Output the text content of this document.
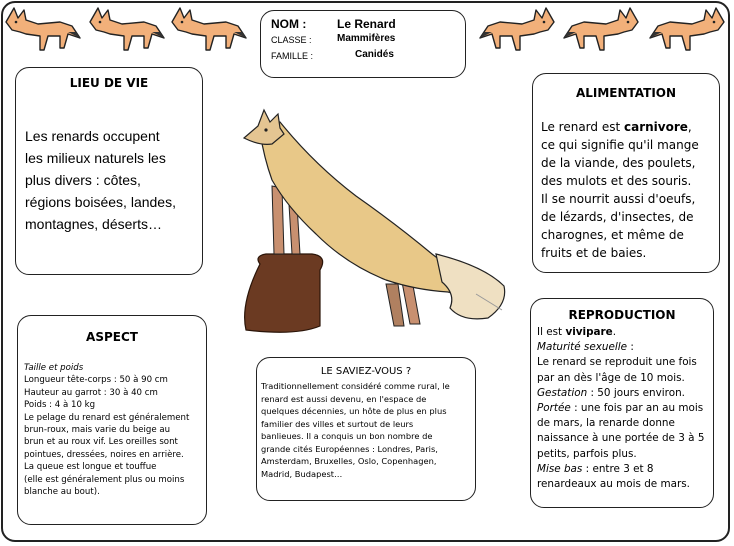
NOM :	Le Renard
CLASSE :	Mammifères
FAMILLE :	Canidés
LIEU DE VIE
Les renards occupent
les milieux naturels les
plus divers : côtes,
régions boisées, landes,
montagnes, déserts…
ALIMENTATION
Le renard est carnivore,
ce qui signifie qu'il mange
de la viande, des poulets,
des mulots et des souris.
Il se nourrit aussi d'oeufs,
de lézards, d'insectes, de
charognes, et même de
fruits et de baies.
ASPECT
Taille et poids
Longueur tête-corps : 50 à 90 cm
Hauteur au garrot : 30 à 40 cm
Poids : 4 à 10 kg
Le pelage du renard est généralement
brun-roux, mais varie du beige au
brun et au roux vif. Les oreilles sont
pointues, dressées, noires en arrière.
La queue est longue et touffue
(elle est généralement plus ou moins
blanche au bout).
LE SAVIEZ-VOUS ?
Traditionnellement considéré comme rural, le
renard est aussi devenu, en l'espace de
quelques décennies, un hôte de plus en plus
familier des villes et surtout de leurs
banlieues. Il a conquis un bon nombre de
grande cités Européennes : Londres, Paris,
Amsterdam, Bruxelles, Oslo, Copenhagen,
Madrid, Budapest…
REPRODUCTION
Il est vivipare.
Maturité sexuelle :
Le renard se reproduit une fois
par an dès l'âge de 10 mois.
Gestation : 50 jours environ.
Portée : une fois par an au mois
de mars, la renarde donne
naissance à une portée de 3 à 5
petits, parfois plus.
Mise bas : entre 3 et 8
renardeaux au mois de mars.
